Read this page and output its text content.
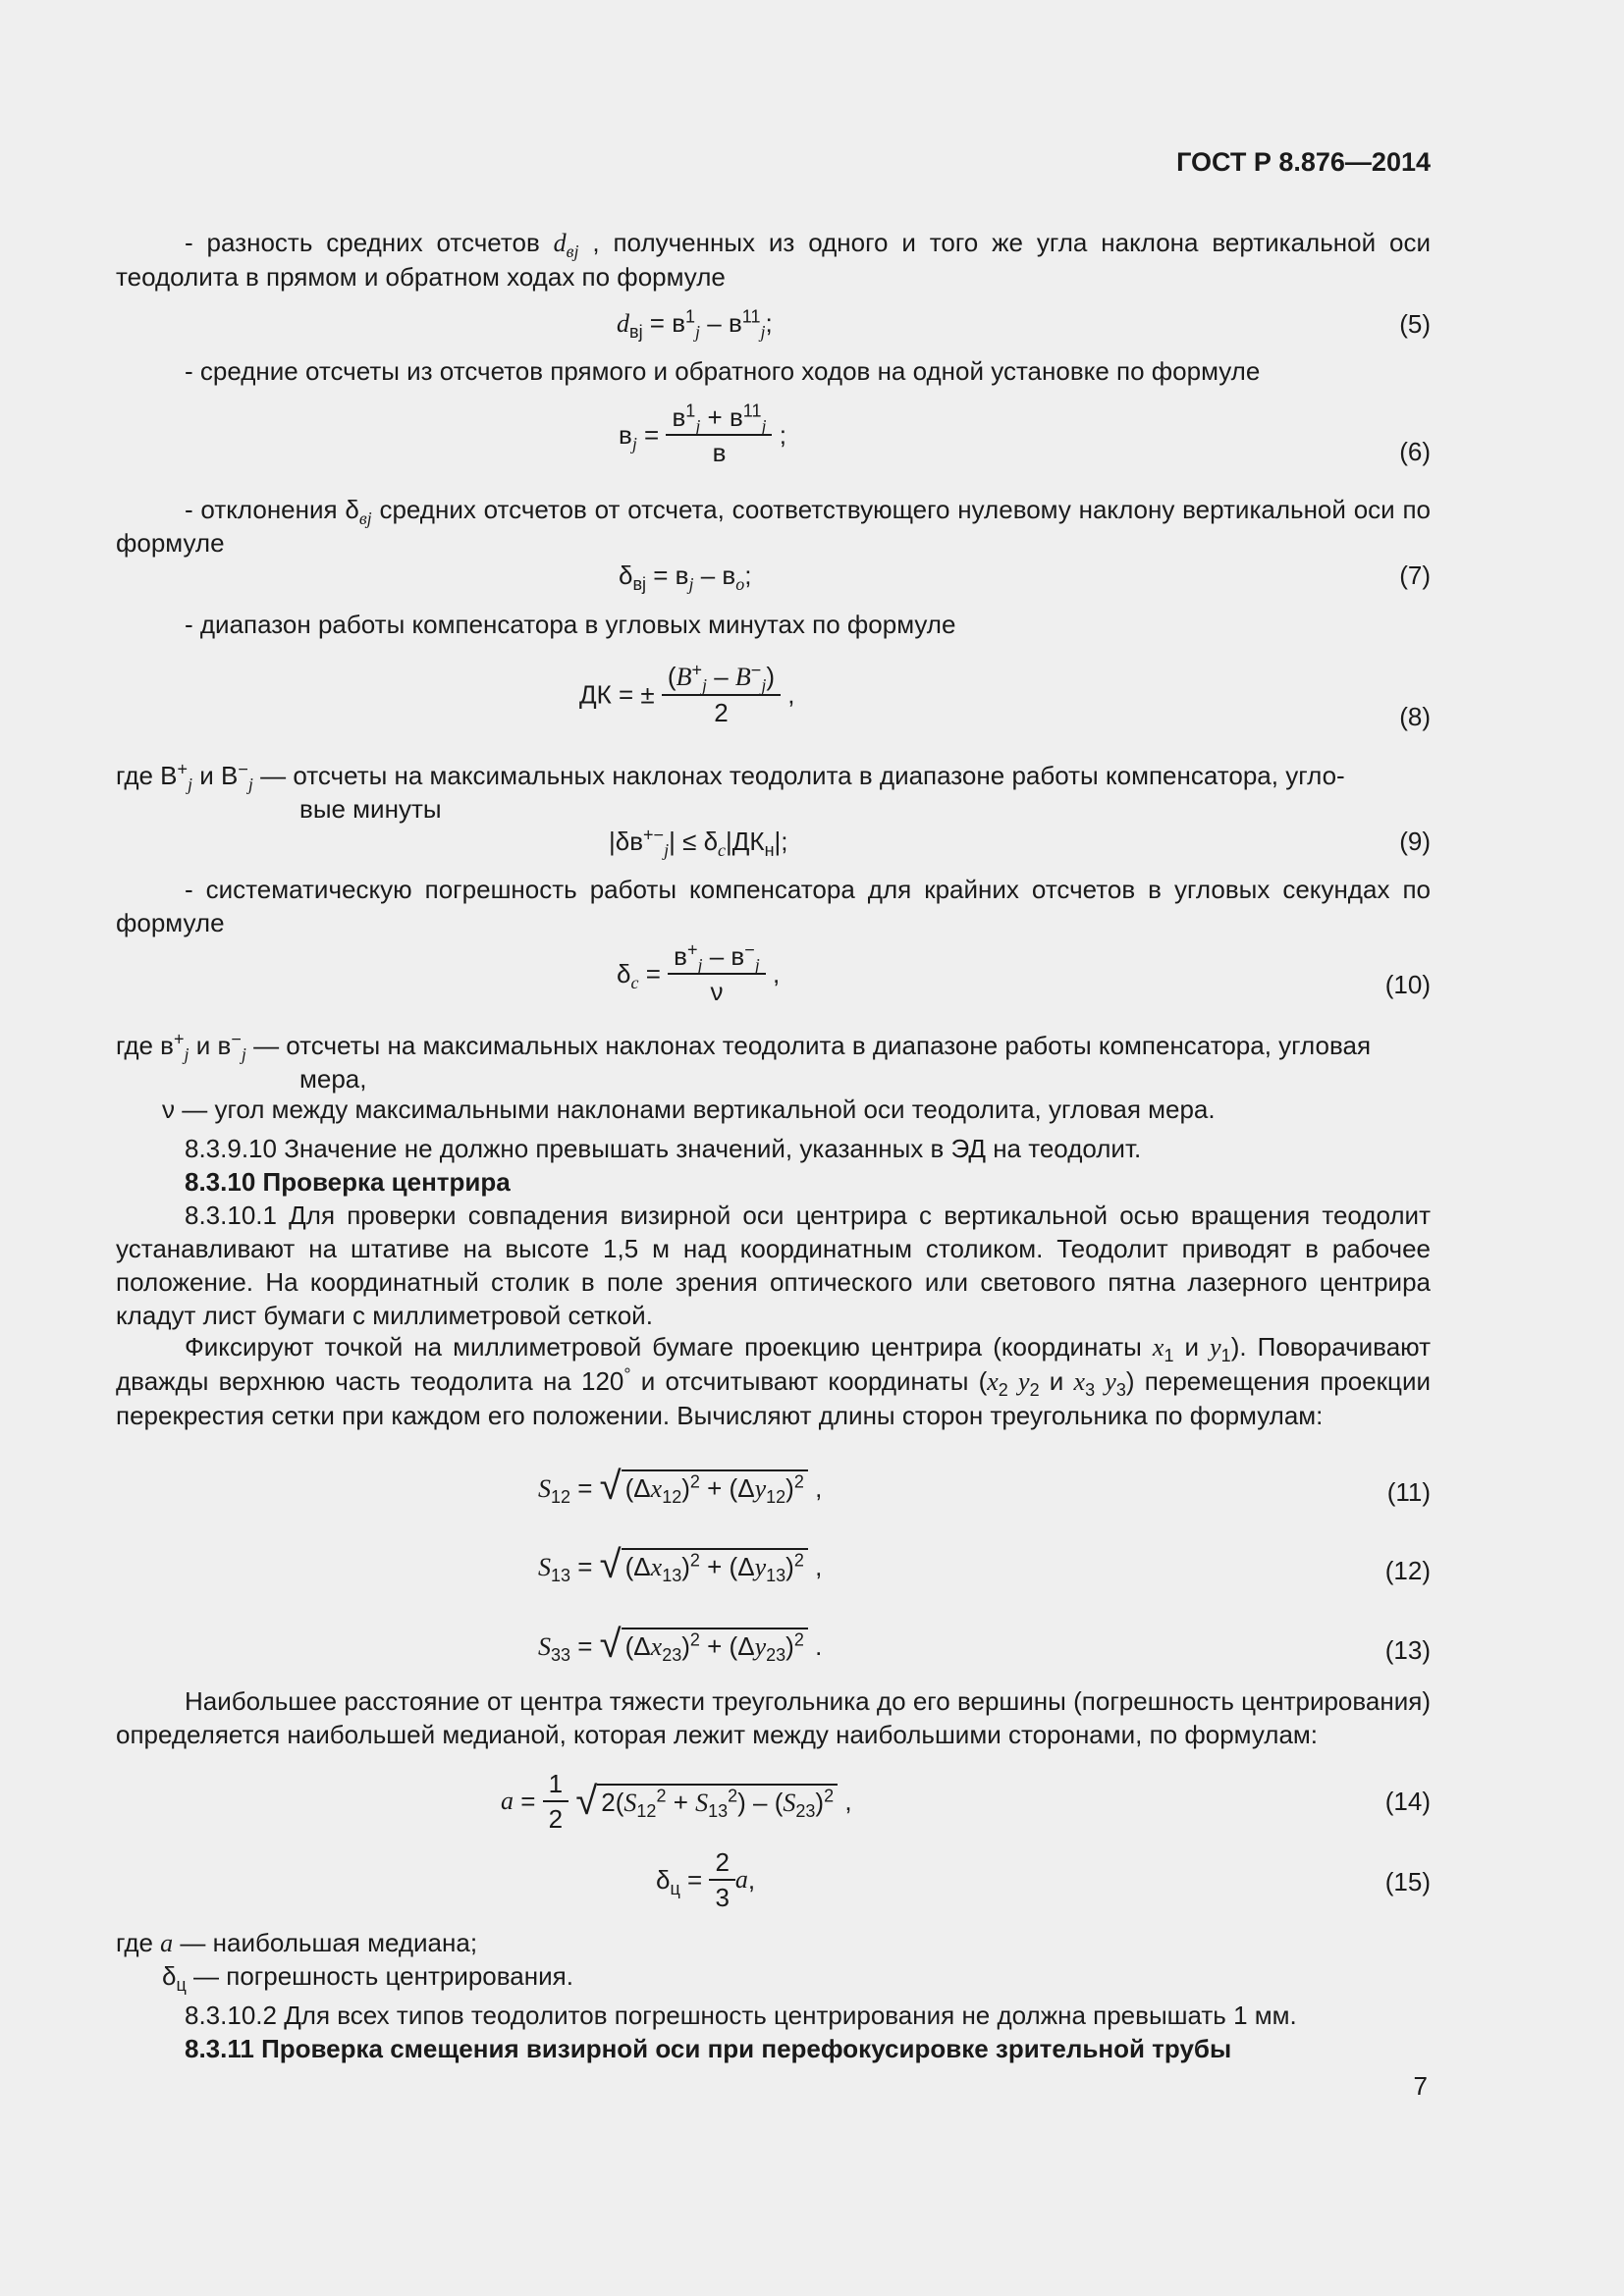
ГОСТ Р 8.876—2014
- разность средних отсчетов $d_{вj}$ , полученных из одного и того же угла наклона вертикальной оси теодолита в прямом и обратном ходах по формуле
$d_{вj} = в^1_j - в^{11}_j$;	(5)
- средние отсчеты из отсчетов прямого и обратного ходов на одной установке по формуле
$в_j = \frac{в^1_j + в^{11}_j}{в}$ ;
(6)
- отклонения $\delta_{вj}$ средних отсчетов от отсчета, соответствующего нулевому наклону вертикальной оси по формуле
$\delta_{вj} = в_j - в_o$;	(7)
- диапазон работы компенсатора в угловых минутах по формуле
ДК = ± $\frac{(B^+_j - B^-_j)}{2}$ ,
(8)
где $B^+_j$ и $B^-_j$ — отсчеты на максимальных наклонах теодолита в диапазоне работы компенсатора, угло-
вые минуты
$|\delta в^{+-}_j| \le \delta_c|ДК_н|$;	(9)
- систематическую погрешность работы компенсатора для крайних отсчетов в угловых секундах по формуле
$\delta_c = \frac{в^+_j - в^-_j}{\nu}$ ,	(10)
где $в^+_j$ и $в^-_j$ — отсчеты на максимальных наклонах теодолита в диапазоне работы компенсатора, угловая
мера,
ν — угол между максимальными наклонами вертикальной оси теодолита, угловая мера.
8.3.9.10 Значение не должно превышать значений, указанных в ЭД на теодолит.
8.3.10 Проверка центрира
8.3.10.1 Для проверки совпадения визирной оси центрира с вертикальной осью вращения теодолит устанавливают на штативе на высоте 1,5 м над координатным столиком. Теодолит приводят в рабочее положение. На координатный столик в поле зрения оптического или светового пятна лазерного центрира кладут лист бумаги с миллиметровой сеткой.
Фиксируют точкой на миллиметровой бумаге проекцию центрира (координаты $x_1$ и $y_1$). Поворачивают дважды верхнюю часть теодолита на 120° и отсчитывают координаты ($x_2$ $y_2$ и $x_3$ $y_3$) перемещения проекции перекрестия сетки при каждом его положении. Вычисляют длины сторон треугольника по формулам:
$S_{12}$ = √ $(\Delta x_{12})^2 + (\Delta y_{12})^2$ ,	(11)
$S_{13}$ = √ $(\Delta x_{13})^2 + (\Delta y_{13})^2$ ,	(12)
$S_{33}$ = √ $(\Delta x_{23})^2 + (\Delta y_{23})^2$ .	(13)
Наибольшее расстояние от центра тяжести треугольника до его вершины (погрешность центрирования) определяется наибольшей медианой, которая лежит между наибольшими сторонами, по формулам:
$a = \frac{1}{2}$ √ $2(S_{12}^2 + S_{13}^2) - (S_{23})^2$ ,	(14)
$\delta_ц = \frac{2}{3} a$,	(15)
где a — наибольшая медиана;
$\delta_ц$ — погрешность центрирования.
8.3.10.2 Для всех типов теодолитов погрешность центрирования не должна превышать 1 мм.
8.3.11 Проверка смещения визирной оси при перефокусировке зрительной трубы
7
